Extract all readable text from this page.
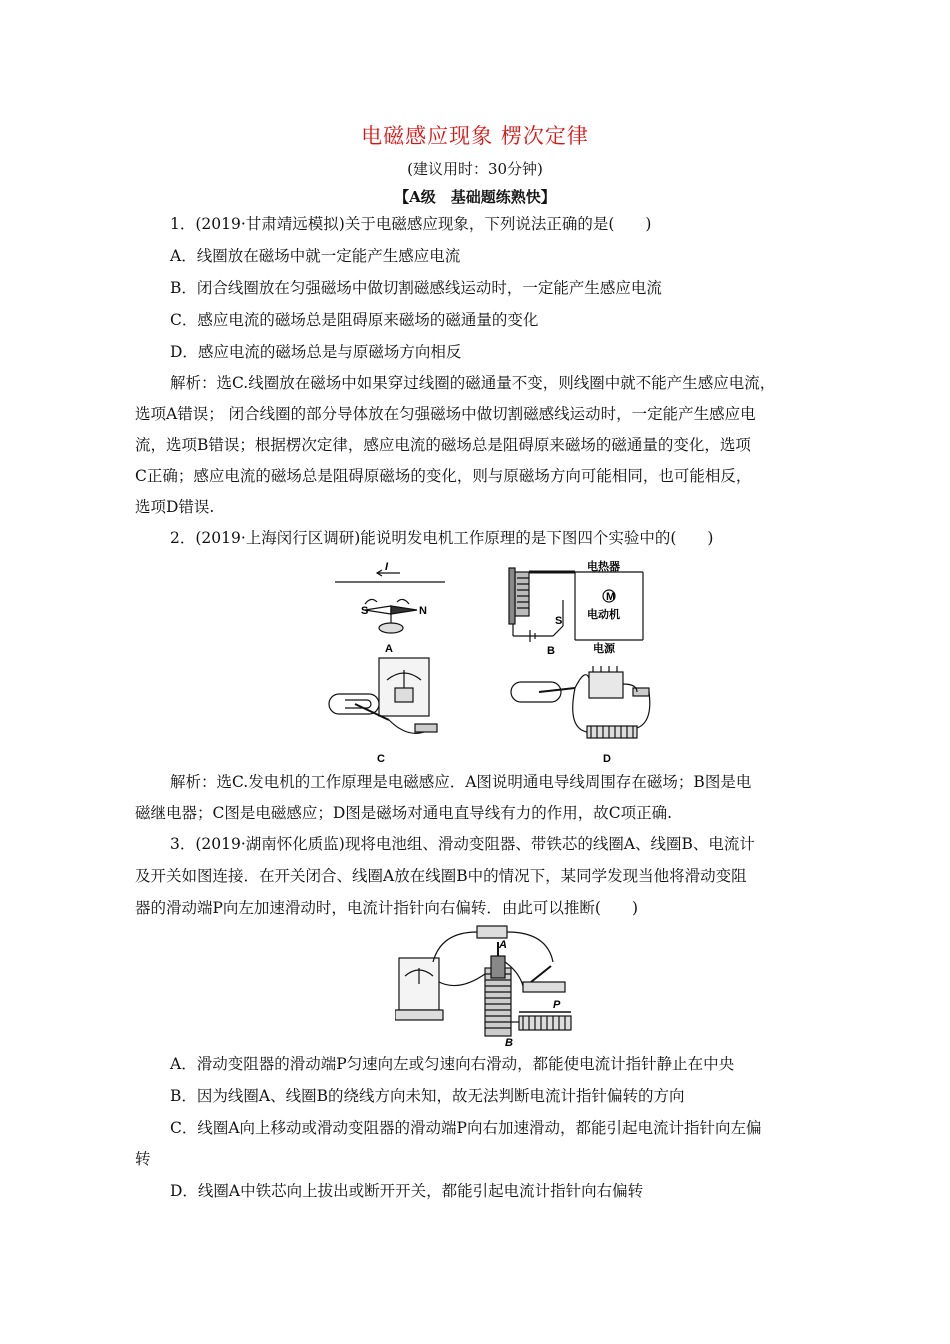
电磁感应现象 楞次定律
(建议用时：30分钟)
【A级　基础题练熟快】
1．(2019·甘肃靖远模拟)关于电磁感应现象，下列说法正确的是(　　)
A．线圈放在磁场中就一定能产生感应电流
B．闭合线圈放在匀强磁场中做切割磁感线运动时，一定能产生感应电流
C．感应电流的磁场总是阻碍原来磁场的磁通量的变化
D．感应电流的磁场总是与原磁场方向相反
解析：选C.线圈放在磁场中如果穿过线圈的磁通量不变，则线圈中就不能产生感应电流，
选项A错误； 闭合线圈的部分导体放在匀强磁场中做切割磁感线运动时，一定能产生感应电
流，选项B错误；根据楞次定律，感应电流的磁场总是阻碍原来磁场的磁通量的变化，选项
C正确；感应电流的磁场总是阻碍原磁场的变化，则与原磁场方向可能相同，也可能相反，
选项D错误.
2．(2019·上海闵行区调研)能说明发电机工作原理的是下图四个实验中的(　　)
S	N
I
A
电热器
M
电动机
S
电源
B
C	D
解析：选C.发电机的工作原理是电磁感应．A图说明通电导线周围存在磁场；B图是电
磁继电器；C图是电磁感应；D图是磁场对通电直导线有力的作用，故C项正确.
3．(2019·湖南怀化质监)现将电池组、滑动变阻器、带铁芯的线圈A、线圈B、电流计
及开关如图连接．在开关闭合、线圈A放在线圈B中的情况下，某同学发现当他将滑动变阻
器的滑动端P向左加速滑动时，电流计指针向右偏转．由此可以推断(　　)
A
B
P
A．滑动变阻器的滑动端P匀速向左或匀速向右滑动，都能使电流计指针静止在中央
B．因为线圈A、线圈B的绕线方向未知，故无法判断电流计指针偏转的方向
C．线圈A向上移动或滑动变阻器的滑动端P向右加速滑动，都能引起电流计指针向左偏
转
D．线圈A中铁芯向上拔出或断开开关，都能引起电流计指针向右偏转
